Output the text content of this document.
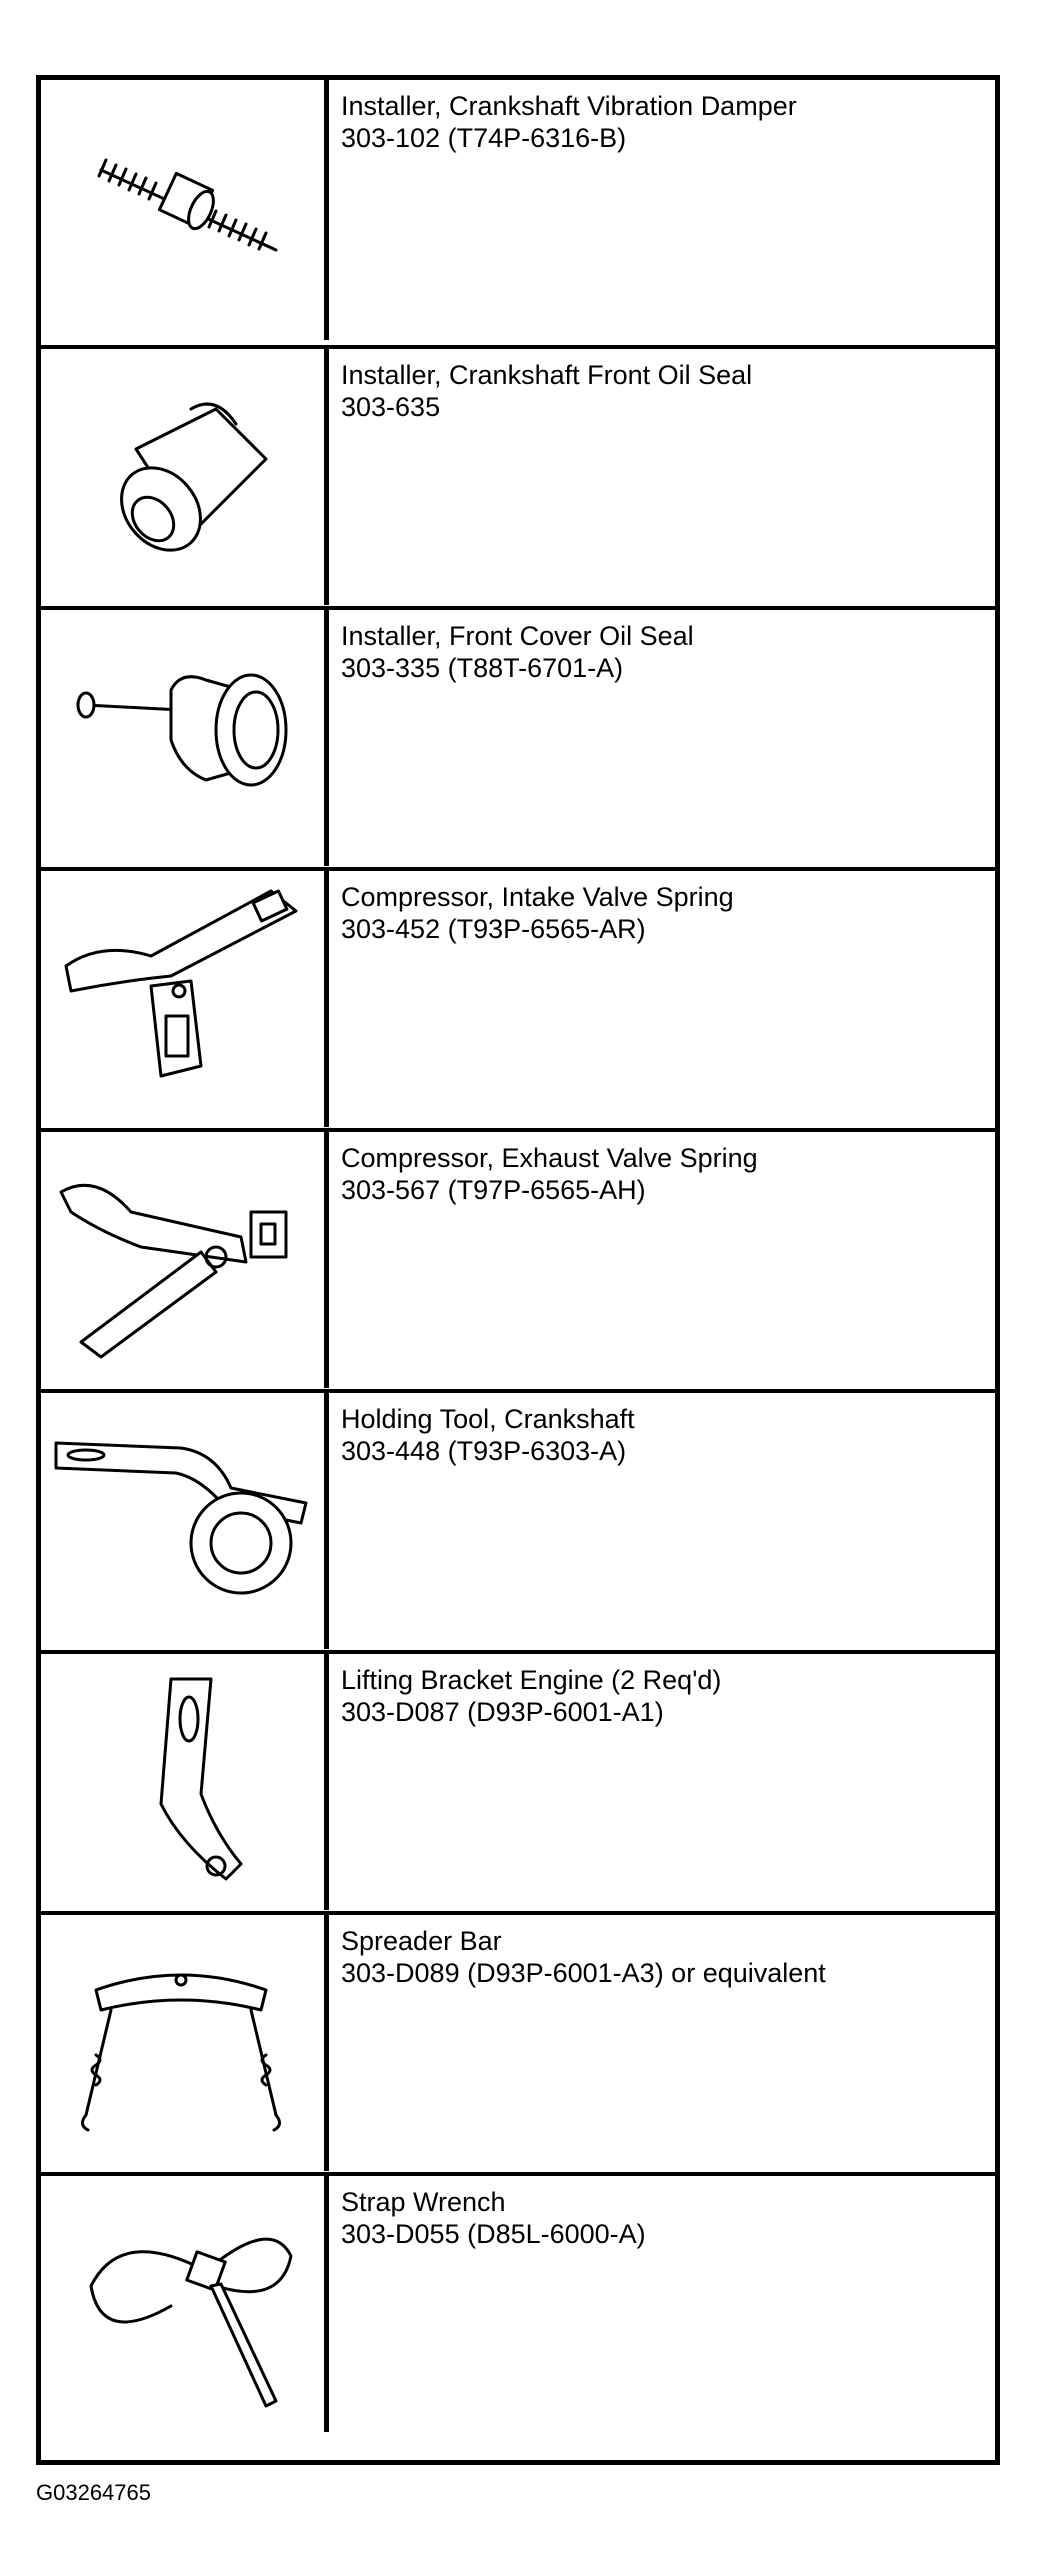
Installer, Crankshaft Vibration Damper
303-102 (T74P-6316-B)
Installer, Crankshaft Front Oil Seal
303-635
Installer, Front Cover Oil Seal
303-335 (T88T-6701-A)
Compressor, Intake Valve Spring
303-452 (T93P-6565-AR)
Compressor, Exhaust Valve Spring
303-567 (T97P-6565-AH)
Holding Tool, Crankshaft
303-448 (T93P-6303-A)
Lifting Bracket Engine (2 Req'd)
303-D087 (D93P-6001-A1)
Spreader Bar
303-D089 (D93P-6001-A3) or equivalent
Strap Wrench
303-D055 (D85L-6000-A)
G03264765
